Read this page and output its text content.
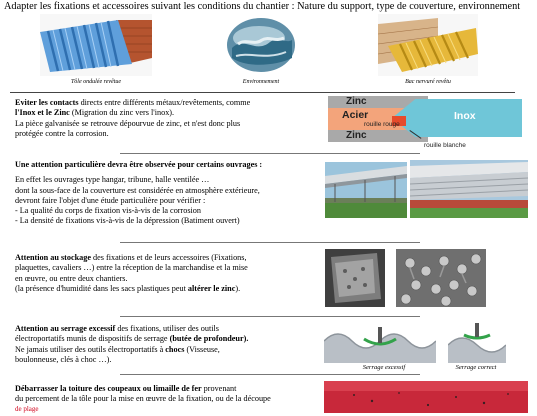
Adapter les fixations et accessoires suivant les conditions du chantier : Nature du support, type de couverture, environnement
Tôle ondulée revêtue	Environnement	Bac nervuré revêtu
Eviter les contacts directs entre différents métaux/revêtements, comme
l'Inox et le Zinc (Migration du zinc vers l'inox).
La pièce galvanisée se retrouve dépourvue de zinc, et n'est donc plus
protégée contre la corrosion.
Zinc
Acier
rouille rouge
Zinc
Inox
rouille blanche
Une attention particulière devra être observée pour certains ouvrages :
En effet les ouvrages type hangar, tribune, halle ventilée …
dont la sous-face de la couverture est considérée en atmosphère extérieure,
devront faire l'objet d'une étude particulière pour vérifier :
- La qualité du corps de fixation vis-à-vis de la corrosion
- La densité de fixations vis-à-vis de la dépression (Batiment ouvert)
Attention au stockage des fixations et de leurs accessoires (Fixations,
plaquettes, cavaliers …) entre la réception de la marchandise et la mise
en œuvre, ou entre deux chantiers.
(la présence d'humidité dans les sacs plastiques peut altérer le zinc).
Attention au serrage excessif des fixations, utiliser des outils
électroportatifs munis de dispositifs de serrage (butée de profondeur).
Ne jamais utiliser des outils électroportatifs à chocs (Visseuse,
boulonneuse, clés à choc …).
Serrage excessif	Serrage correct
Débarrasser la toiture des coupeaux ou limaille de fer provenant
du percement de la tôle pour la mise en œuvre de la fixation, ou de la découpe
de plage
